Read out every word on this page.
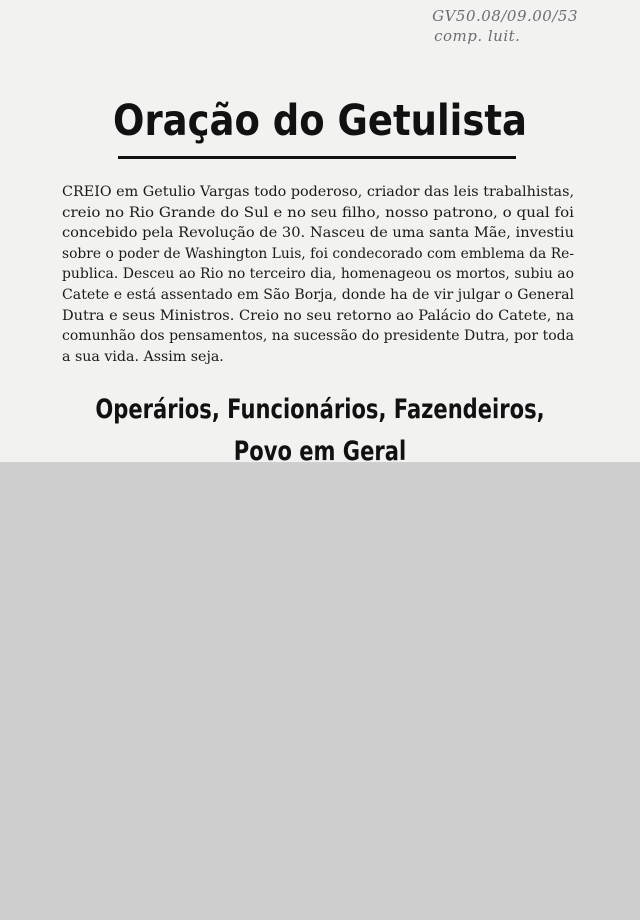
GV50.08/09.00/53
comp. luit.
Oração do Getulista
CREIO em Getulio Vargas todo poderoso, criador das leis trabalhistas,
creio no Rio Grande do Sul e no seu filho, nosso patrono, o qual foi
concebido pela Revolução de 30. Nasceu de uma santa Mãe, investiu
sobre o poder de Washington Luis, foi condecorado com emblema da Re-
publica. Desceu ao Rio no terceiro dia, homenageou os mortos, subiu ao
Catete e está assentado em São Borja, donde ha de vir julgar o General
Dutra e seus Ministros. Creio no seu retorno ao Palácio do Catete, na
comunhão dos pensamentos, na sucessão do presidente Dutra, por toda
a sua vida. Assim seja.
Operários, Funcionários, Fazendeiros,
Povo em Geral
